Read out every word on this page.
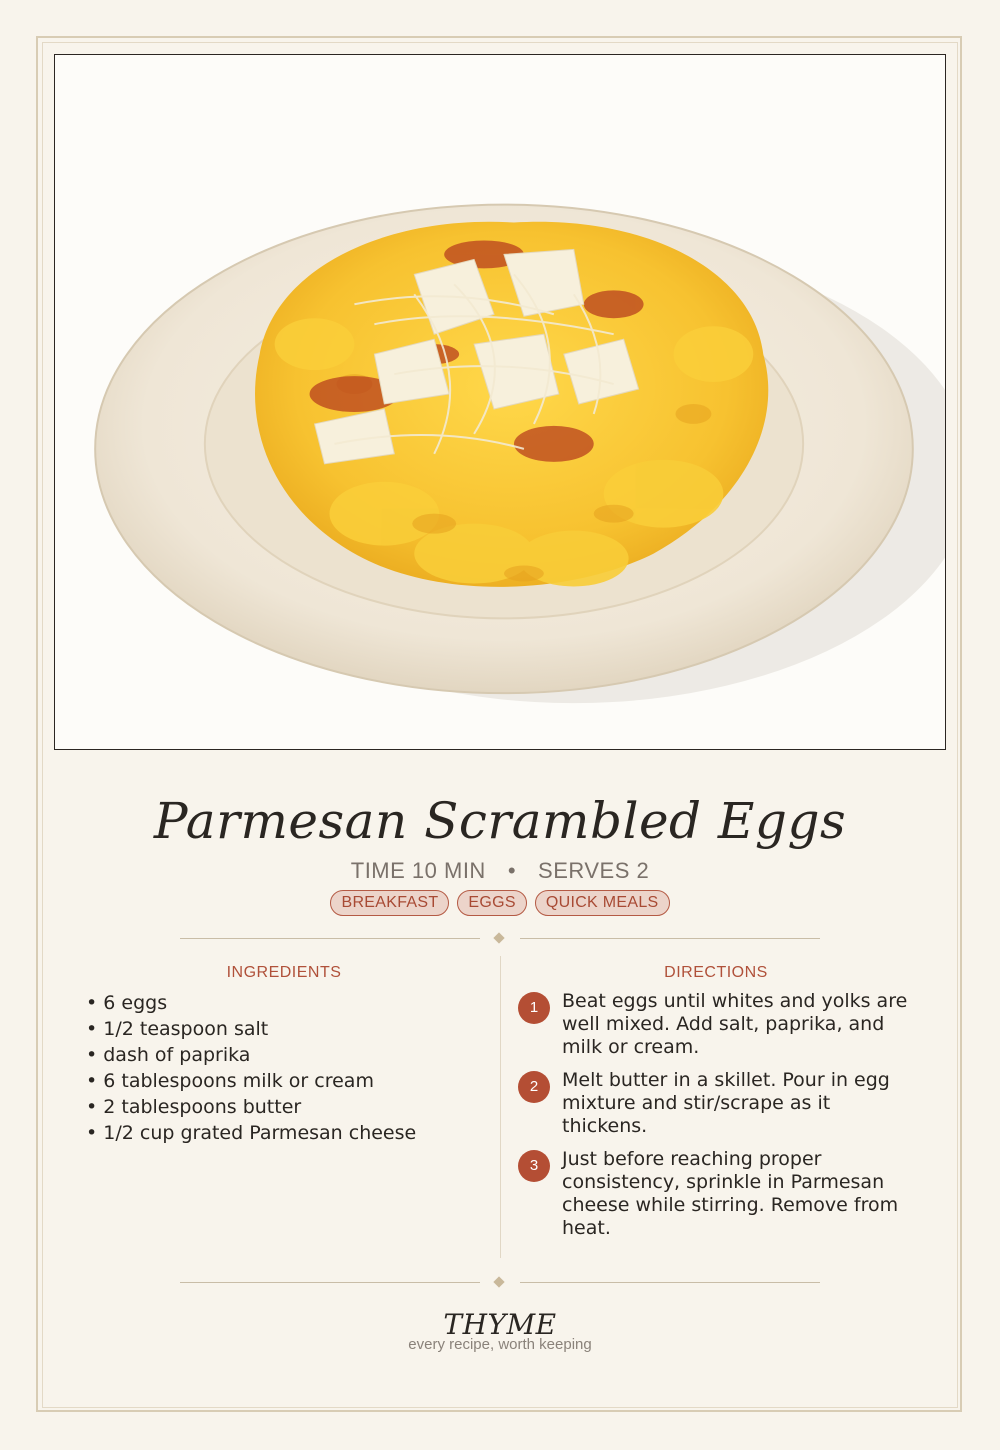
Parmesan Scrambled Eggs
TIME 10 MIN • SERVES 2
BREAKFAST EGGS QUICK MEALS
INGREDIENTS
• 6 eggs
• 1/2 teaspoon salt
• dash of paprika
• 6 tablespoons milk or cream
• 2 tablespoons butter
• 1/2 cup grated Parmesan cheese
DIRECTIONS
1	Beat eggs until whites and yolks are well mixed. Add salt, paprika, and milk or cream.
2	Melt butter in a skillet. Pour in egg mixture and stir/scrape as it thickens.
3	Just before reaching proper consistency, sprinkle in Parmesan cheese while stirring. Remove from heat.
THYME
every recipe, worth keeping
